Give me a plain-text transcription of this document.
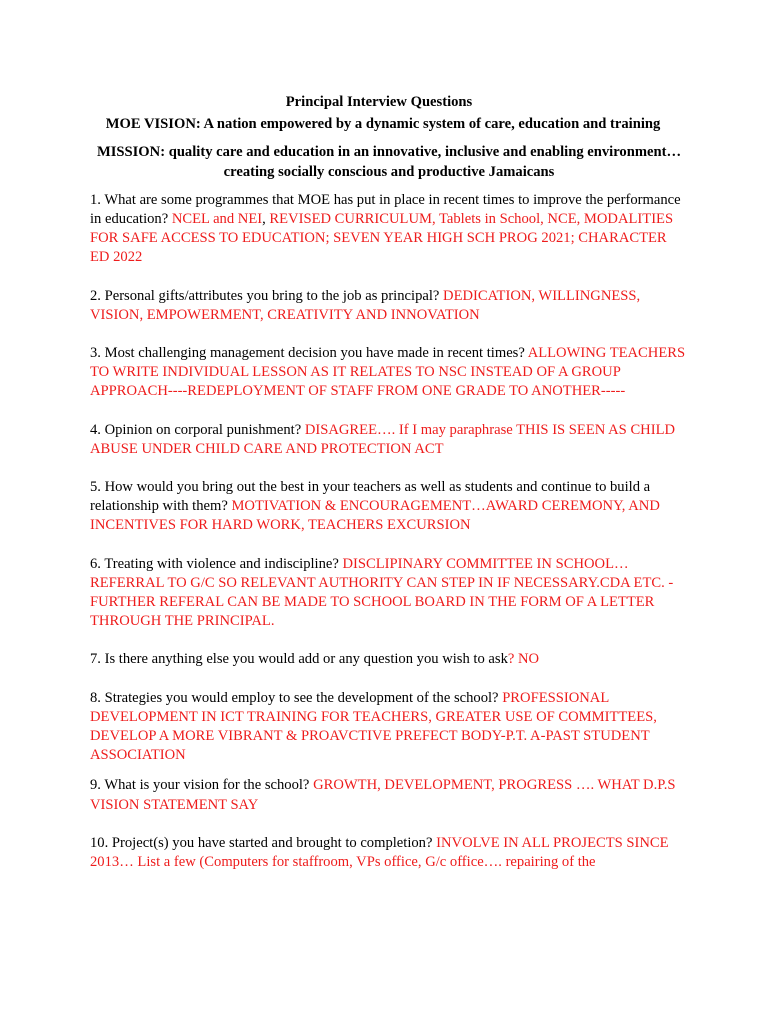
Principal Interview Questions

MOE VISION: A nation empowered by a dynamic system of care, education and training

MISSION: quality care and education in an innovative, inclusive and enabling environment…creating socially conscious and productive Jamaicans

1. What are some programmes that MOE has put in place in recent times to improve the performance in education? NCEL and NEI, REVISED CURRICULUM, Tablets in School, NCE, MODALITIES FOR SAFE ACCESS TO EDUCATION; SEVEN YEAR HIGH SCH PROG 2021; CHARACTER ED 2022

2. Personal gifts/attributes you bring to the job as principal? DEDICATION, WILLINGNESS, VISION, EMPOWERMENT, CREATIVITY AND INNOVATION

3. Most challenging management decision you have made in recent times? ALLOWING TEACHERS TO WRITE INDIVIDUAL LESSON AS IT RELATES TO NSC INSTEAD OF A GROUP APPROACH----REDEPLOYMENT OF STAFF FROM ONE GRADE TO ANOTHER-----

4. Opinion on corporal punishment? DISAGREE…. If I may paraphrase THIS IS SEEN AS CHILD ABUSE UNDER CHILD CARE AND PROTECTION ACT

5. How would you bring out the best in your teachers as well as students and continue to build a relationship with them? MOTIVATION & ENCOURAGEMENT…AWARD CEREMONY, AND INCENTIVES FOR HARD WORK, TEACHERS EXCURSION

6. Treating with violence and indiscipline? DISCLIPINARY COMMITTEE IN SCHOOL… REFERRAL TO G/C SO RELEVANT AUTHORITY CAN STEP IN IF NECESSARY.CDA ETC. - FURTHER REFERAL CAN BE MADE TO SCHOOL BOARD IN THE FORM OF A LETTER THROUGH THE PRINCIPAL.

7. Is there anything else you would add or any question you wish to ask? NO

8. Strategies you would employ to see the development of the school? PROFESSIONAL DEVELOPMENT IN ICT TRAINING FOR TEACHERS, GREATER USE OF COMMITTEES, DEVELOP A MORE VIBRANT & PROAVCTIVE PREFECT BODY-P.T. A-PAST STUDENT ASSOCIATION

9. What is your vision for the school? GROWTH, DEVELOPMENT, PROGRESS …. WHAT D.P.S VISION STATEMENT SAY

10. Project(s) you have started and brought to completion? INVOLVE IN ALL PROJECTS SINCE 2013… List a few (Computers for staffroom, VPs office, G/c office…. repairing of the
